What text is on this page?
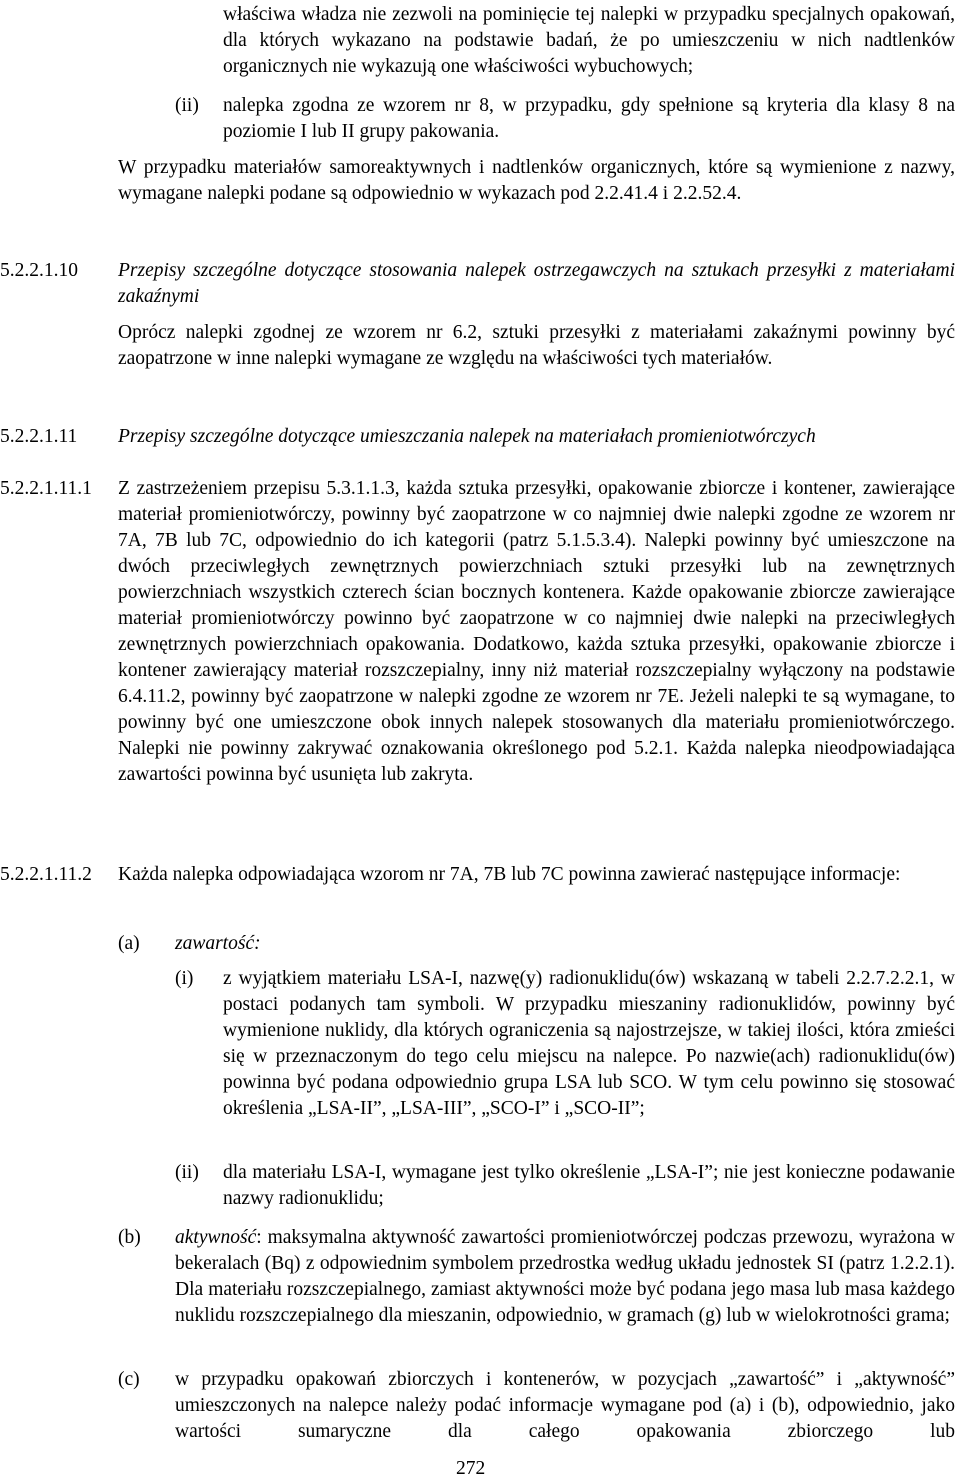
właściwa władza nie zezwoli na pominięcie tej nalepki w przypadku specjalnych opakowań, dla których wykazano na podstawie badań, że po umieszczeniu w nich nadtlenków organicznych nie wykazują one właściwości wybuchowych;

(ii) nalepka zgodna ze wzorem nr 8, w przypadku, gdy spełnione są kryteria dla klasy 8 na poziomie I lub II grupy pakowania.

W przypadku materiałów samoreaktywnych i nadtlenków organicznych, które są wymienione z nazwy, wymagane nalepki podane są odpowiednio w wykazach pod 2.2.41.4 i 2.2.52.4.

5.2.2.1.10 Przepisy szczególne dotyczące stosowania nalepek ostrzegawczych na sztukach przesyłki z materiałami zakaźnymi

Oprócz nalepki zgodnej ze wzorem nr 6.2, sztuki przesyłki z materiałami zakaźnymi powinny być zaopatrzone w inne nalepki wymagane ze względu na właściwości tych materiałów.

5.2.2.1.11 Przepisy szczególne dotyczące umieszczania nalepek na materiałach promieniotwórczych

5.2.2.1.11.1 Z zastrzeżeniem przepisu 5.3.1.1.3, każda sztuka przesyłki, opakowanie zbiorcze i kontener, zawierające materiał promieniotwórczy, powinny być zaopatrzone w co najmniej dwie nalepki zgodne ze wzorem nr 7A, 7B lub 7C, odpowiednio do ich kategorii (patrz 5.1.5.3.4). Nalepki powinny być umieszczone na dwóch przeciwległych zewnętrznych powierzchniach sztuki przesyłki lub na zewnętrznych powierzchniach wszystkich czterech ścian bocznych kontenera. Każde opakowanie zbiorcze zawierające materiał promieniotwórczy powinno być zaopatrzone w co najmniej dwie nalepki na przeciwległych zewnętrznych powierzchniach opakowania. Dodatkowo, każda sztuka przesyłki, opakowanie zbiorcze i kontener zawierający materiał rozszczepialny, inny niż materiał rozszczepialny wyłączony na podstawie 6.4.11.2, powinny być zaopatrzone w nalepki zgodne ze wzorem nr 7E. Jeżeli nalepki te są wymagane, to powinny być one umieszczone obok innych nalepek stosowanych dla materiału promieniotwórczego. Nalepki nie powinny zakrywać oznakowania określonego pod 5.2.1. Każda nalepka nieodpowiadająca zawartości powinna być usunięta lub zakryta.

5.2.2.1.11.2 Każda nalepka odpowiadająca wzorom nr 7A, 7B lub 7C powinna zawierać następujące informacje:

(a) zawartość:

(i) z wyjątkiem materiału LSA-I, nazwę(y) radionuklidu(ów) wskazaną w tabeli 2.2.7.2.2.1, w postaci podanych tam symboli. W przypadku mieszaniny radionuklidów, powinny być wymienione nuklidy, dla których ograniczenia są najostrzejsze, w takiej ilości, która zmieści się w przeznaczonym do tego celu miejscu na nalepce. Po nazwie(ach) radionuklidu(ów) powinna być podana odpowiednio grupa LSA lub SCO. W tym celu powinno się stosować określenia „LSA-II”, „LSA-III”, „SCO-I” i „SCO-II”;

(ii) dla materiału LSA-I, wymagane jest tylko określenie „LSA-I”; nie jest konieczne podawanie nazwy radionuklidu;

(b) aktywność: maksymalna aktywność zawartości promieniotwórczej podczas przewozu, wyrażona w bekeralach (Bq) z odpowiednim symbolem przedrostka według układu jednostek SI (patrz 1.2.2.1). Dla materiału rozszczepialnego, zamiast aktywności może być podana jego masa lub masa każdego nuklidu rozszczepialnego dla mieszanin, odpowiednio, w gramach (g) lub w wielokrotności grama;

(c) w przypadku opakowań zbiorczych i kontenerów, w pozycjach „zawartość” i „aktywność” umieszczonych na nalepce należy podać informacje wymagane pod (a) i (b), odpowiednio, jako wartości sumaryczne dla całego opakowania zbiorczego lub

272
